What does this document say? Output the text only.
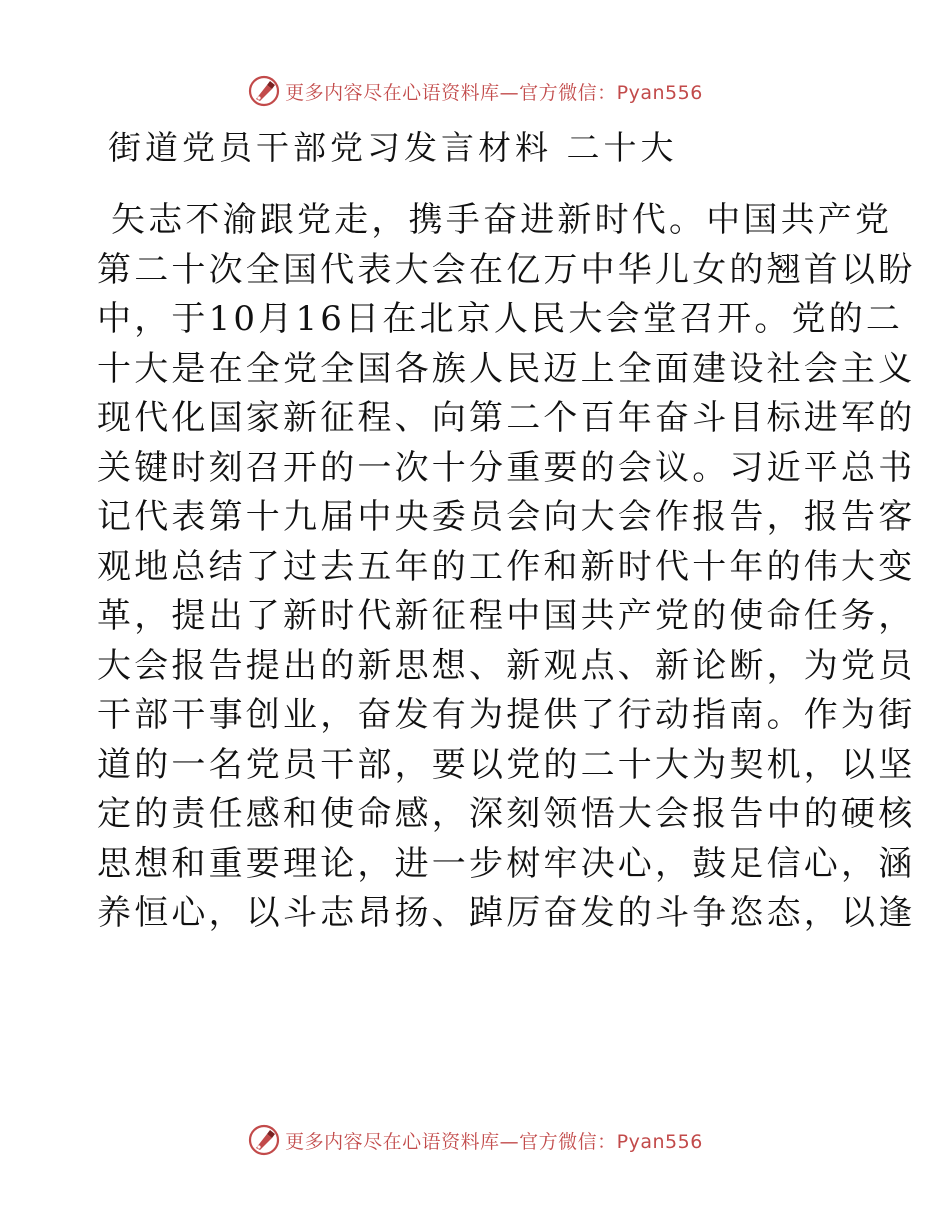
更多内容尽在心语资料库—官方微信：Pyan556
街道党员干部党习发言材料 二十大
矢志不渝跟党走，携手奋进新时代。中国共产党
第二十次全国代表大会在亿万中华儿女的翘首以盼
中，于10月16日在北京人民大会堂召开。党的二
十大是在全党全国各族人民迈上全面建设社会主义
现代化国家新征程、向第二个百年奋斗目标进军的
关键时刻召开的一次十分重要的会议。习近平总书
记代表第十九届中央委员会向大会作报告，报告客
观地总结了过去五年的工作和新时代十年的伟大变
革，提出了新时代新征程中国共产党的使命任务，
大会报告提出的新思想、新观点、新论断，为党员
干部干事创业，奋发有为提供了行动指南。作为街
道的一名党员干部，要以党的二十大为契机，以坚
定的责任感和使命感，深刻领悟大会报告中的硬核
思想和重要理论，进一步树牢决心，鼓足信心，涵
养恒心，以斗志昂扬、踔厉奋发的斗争恣态，以逢
更多内容尽在心语资料库—官方微信：Pyan556
